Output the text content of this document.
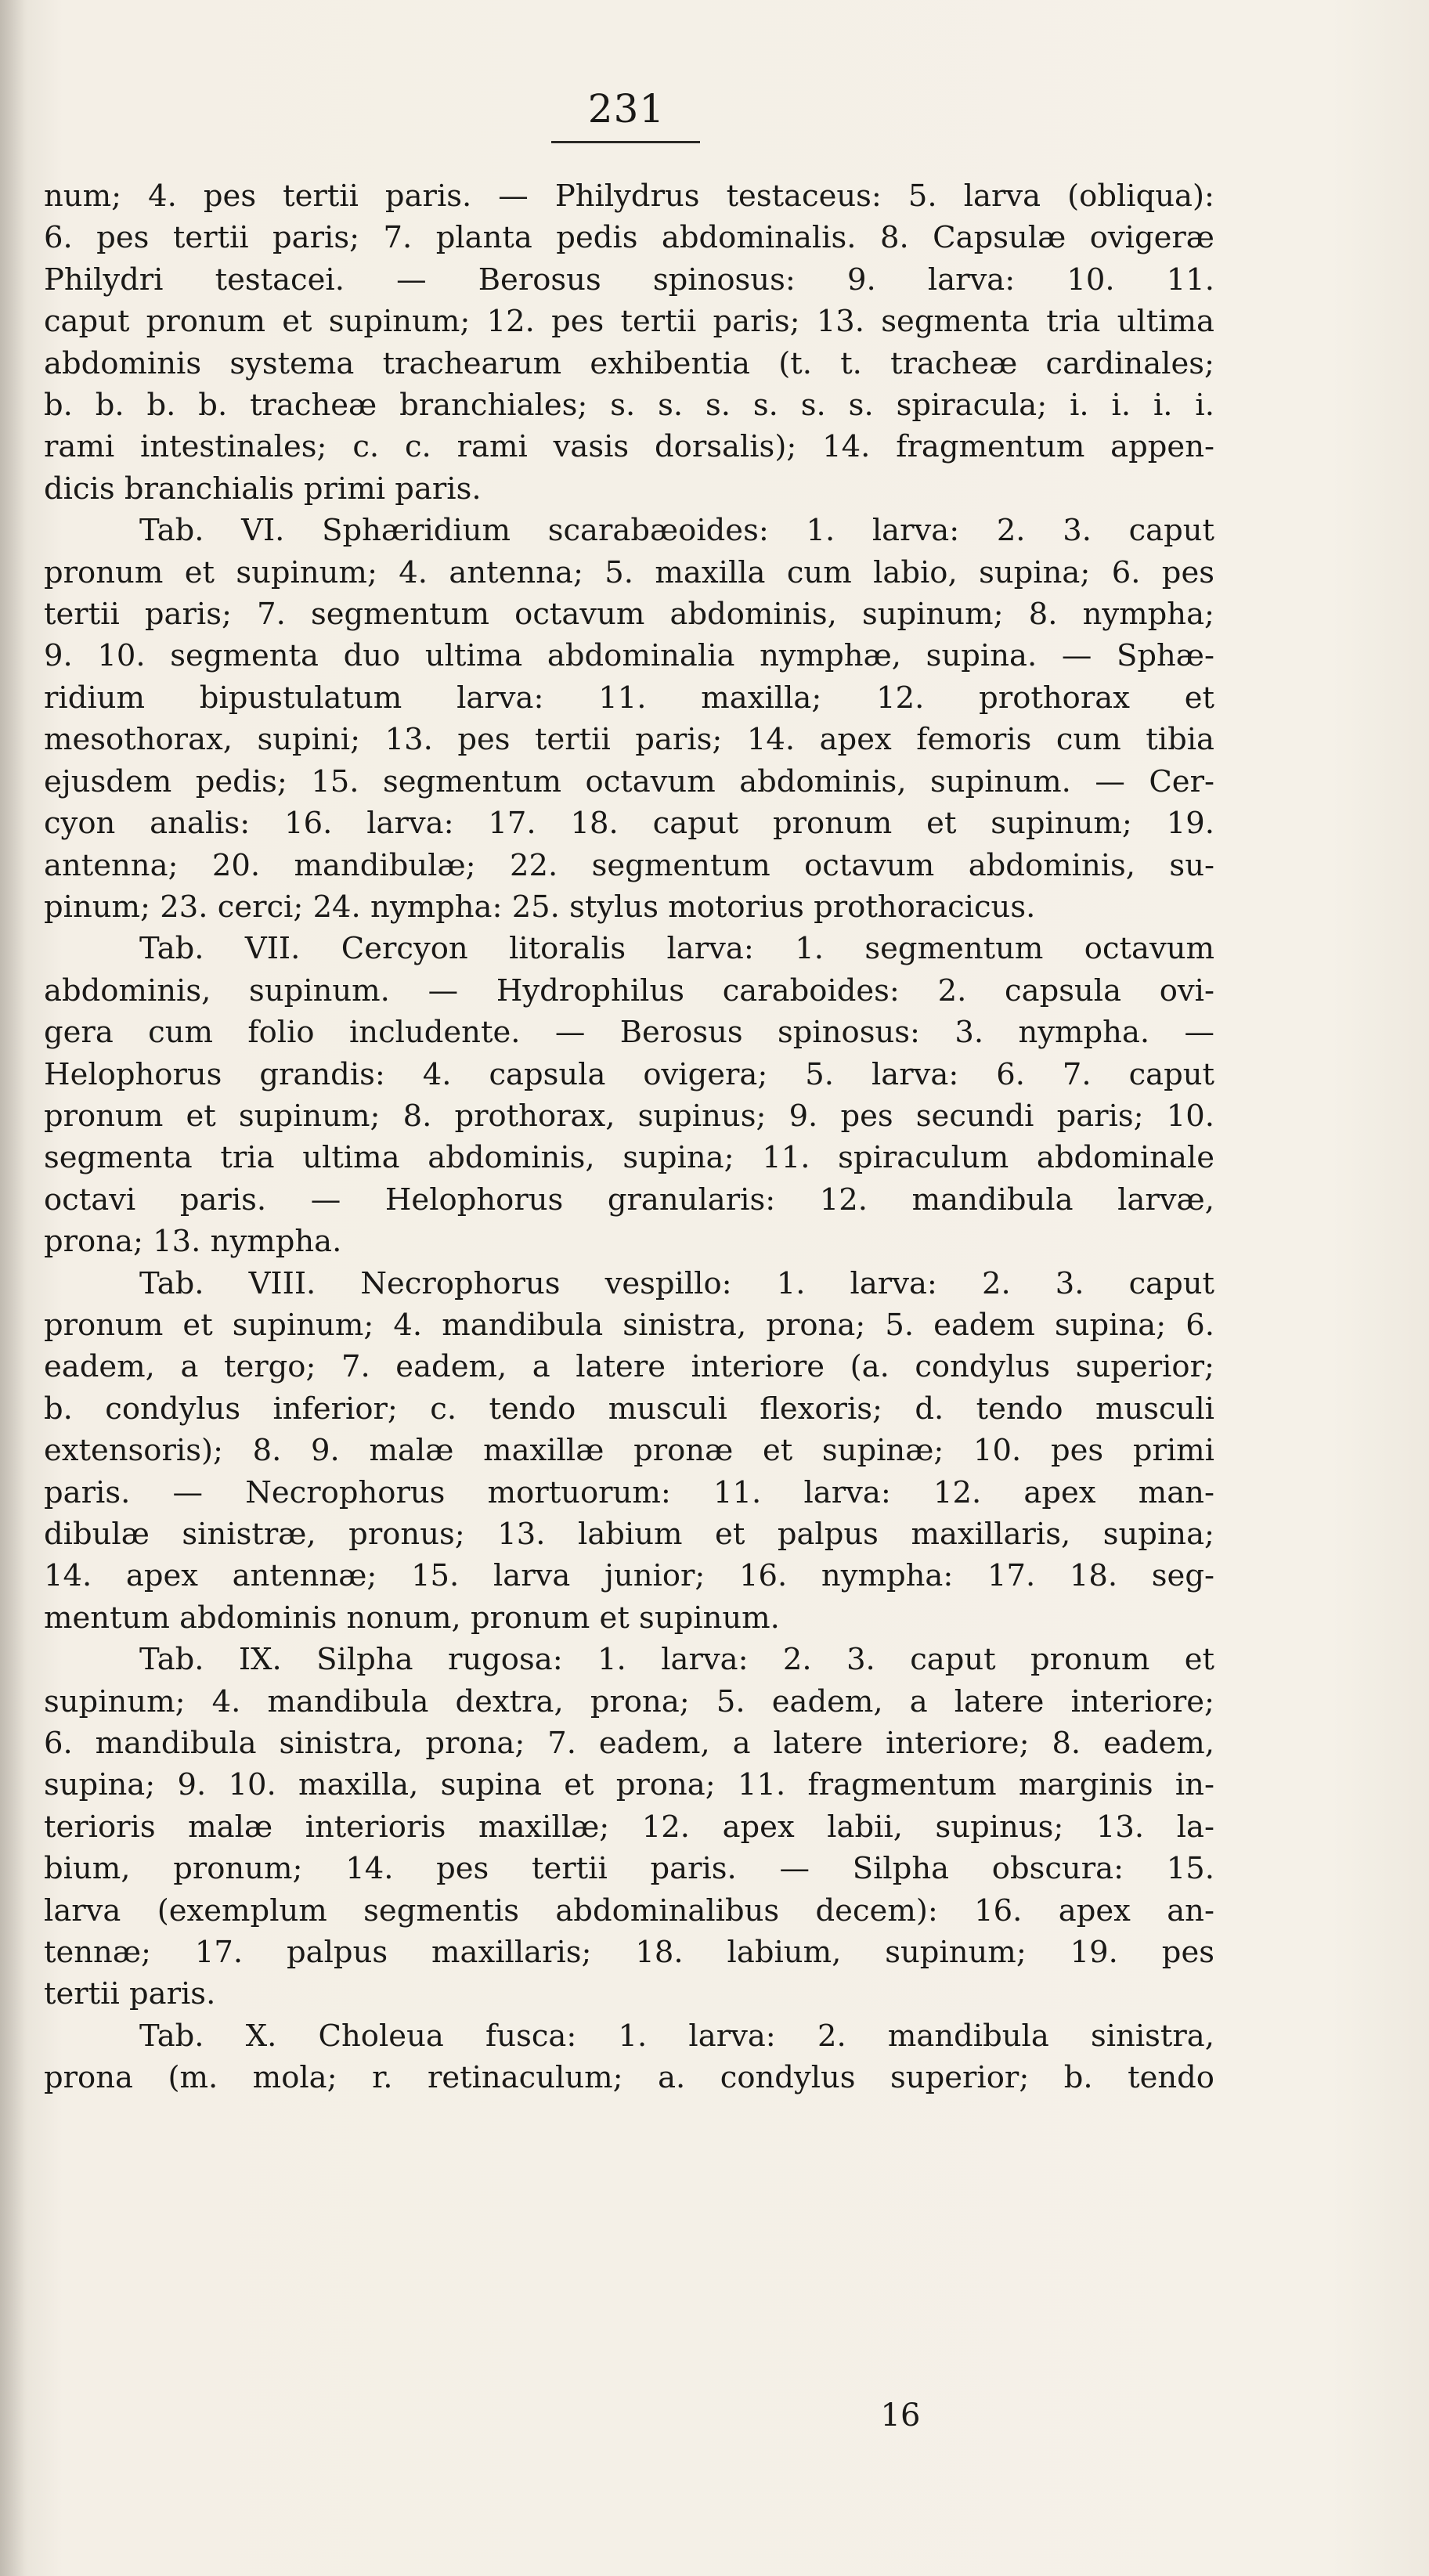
231
num; 4. pes tertii paris. — Philydrus testaceus: 5. larva (obliqua):
6. pes tertii paris; 7. planta pedis abdominalis. 8. Capsulæ ovigeræ
Philydri testacei. — Berosus spinosus: 9. larva: 10. 11.
caput pronum et supinum; 12. pes tertii paris; 13. segmenta tria ultima
abdominis systema trachearum exhibentia (t. t. tracheæ cardinales;
b. b. b. b. tracheæ branchiales; s. s. s. s. s. s. spiracula; i. i. i. i.
rami intestinales; c. c. rami vasis dorsalis); 14. fragmentum appen-
dicis branchialis primi paris.
Tab. VI. Sphæridium scarabæoides: 1. larva: 2. 3. caput
pronum et supinum; 4. antenna; 5. maxilla cum labio, supina; 6. pes
tertii paris; 7. segmentum octavum abdominis, supinum; 8. nympha;
9. 10. segmenta duo ultima abdominalia nymphæ, supina. — Sphæ-
ridium bipustulatum larva: 11. maxilla; 12. prothorax et
mesothorax, supini; 13. pes tertii paris; 14. apex femoris cum tibia
ejusdem pedis; 15. segmentum octavum abdominis, supinum. — Cer-
cyon analis: 16. larva: 17. 18. caput pronum et supinum; 19.
antenna; 20. mandibulæ; 22. segmentum octavum abdominis, su-
pinum; 23. cerci; 24. nympha: 25. stylus motorius prothoracicus.
Tab. VII. Cercyon litoralis larva: 1. segmentum octavum
abdominis, supinum. — Hydrophilus caraboides: 2. capsula ovi-
gera cum folio includente. — Berosus spinosus: 3. nympha. —
Helophorus grandis: 4. capsula ovigera; 5. larva: 6. 7. caput
pronum et supinum; 8. prothorax, supinus; 9. pes secundi paris; 10.
segmenta tria ultima abdominis, supina; 11. spiraculum abdominale
octavi paris. — Helophorus granularis: 12. mandibula larvæ,
prona; 13. nympha.
Tab. VIII. Necrophorus vespillo: 1. larva: 2. 3. caput
pronum et supinum; 4. mandibula sinistra, prona; 5. eadem supina; 6.
eadem, a tergo; 7. eadem, a latere interiore (a. condylus superior;
b. condylus inferior; c. tendo musculi flexoris; d. tendo musculi
extensoris); 8. 9. malæ maxillæ pronæ et supinæ; 10. pes primi
paris. — Necrophorus mortuorum: 11. larva: 12. apex man-
dibulæ sinistræ, pronus; 13. labium et palpus maxillaris, supina;
14. apex antennæ; 15. larva junior; 16. nympha: 17. 18. seg-
mentum abdominis nonum, pronum et supinum.
Tab. IX. Silpha rugosa: 1. larva: 2. 3. caput pronum et
supinum; 4. mandibula dextra, prona; 5. eadem, a latere interiore;
6. mandibula sinistra, prona; 7. eadem, a latere interiore; 8. eadem,
supina; 9. 10. maxilla, supina et prona; 11. fragmentum marginis in-
terioris malæ interioris maxillæ; 12. apex labii, supinus; 13. la-
bium, pronum; 14. pes tertii paris. — Silpha obscura: 15.
larva (exemplum segmentis abdominalibus decem): 16. apex an-
tennæ; 17. palpus maxillaris; 18. labium, supinum; 19. pes
tertii paris.
Tab. X. Choleua fusca: 1. larva: 2. mandibula sinistra,
prona (m. mola; r. retinaculum; a. condylus superior; b. tendo
16
